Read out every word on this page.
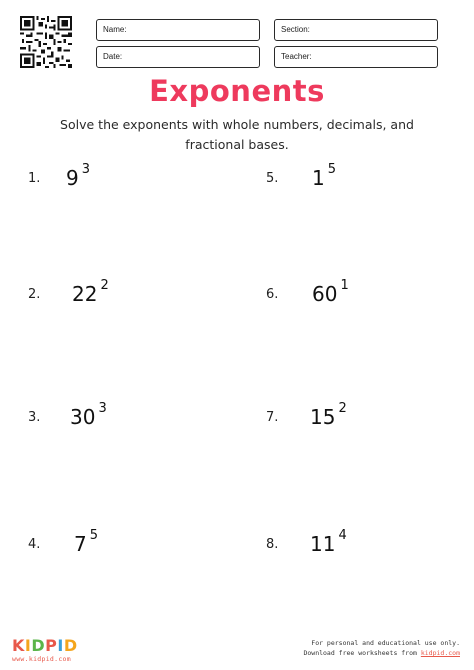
Name:	Section:
Date:	Teacher:
Exponents
Solve the exponents with whole numbers, decimals, and
fractional bases.
1. 9 $^3$
2. 22 $^2$
3. 30 $^3$
4. 7 $^5$
5. 1 $^5$
6. 60 $^1$
7. 15 $^2$
8. 11 $^4$
KIDPID
www.kidpid.com
For personal and educational use only.
Download free worksheets from kidpid.com
